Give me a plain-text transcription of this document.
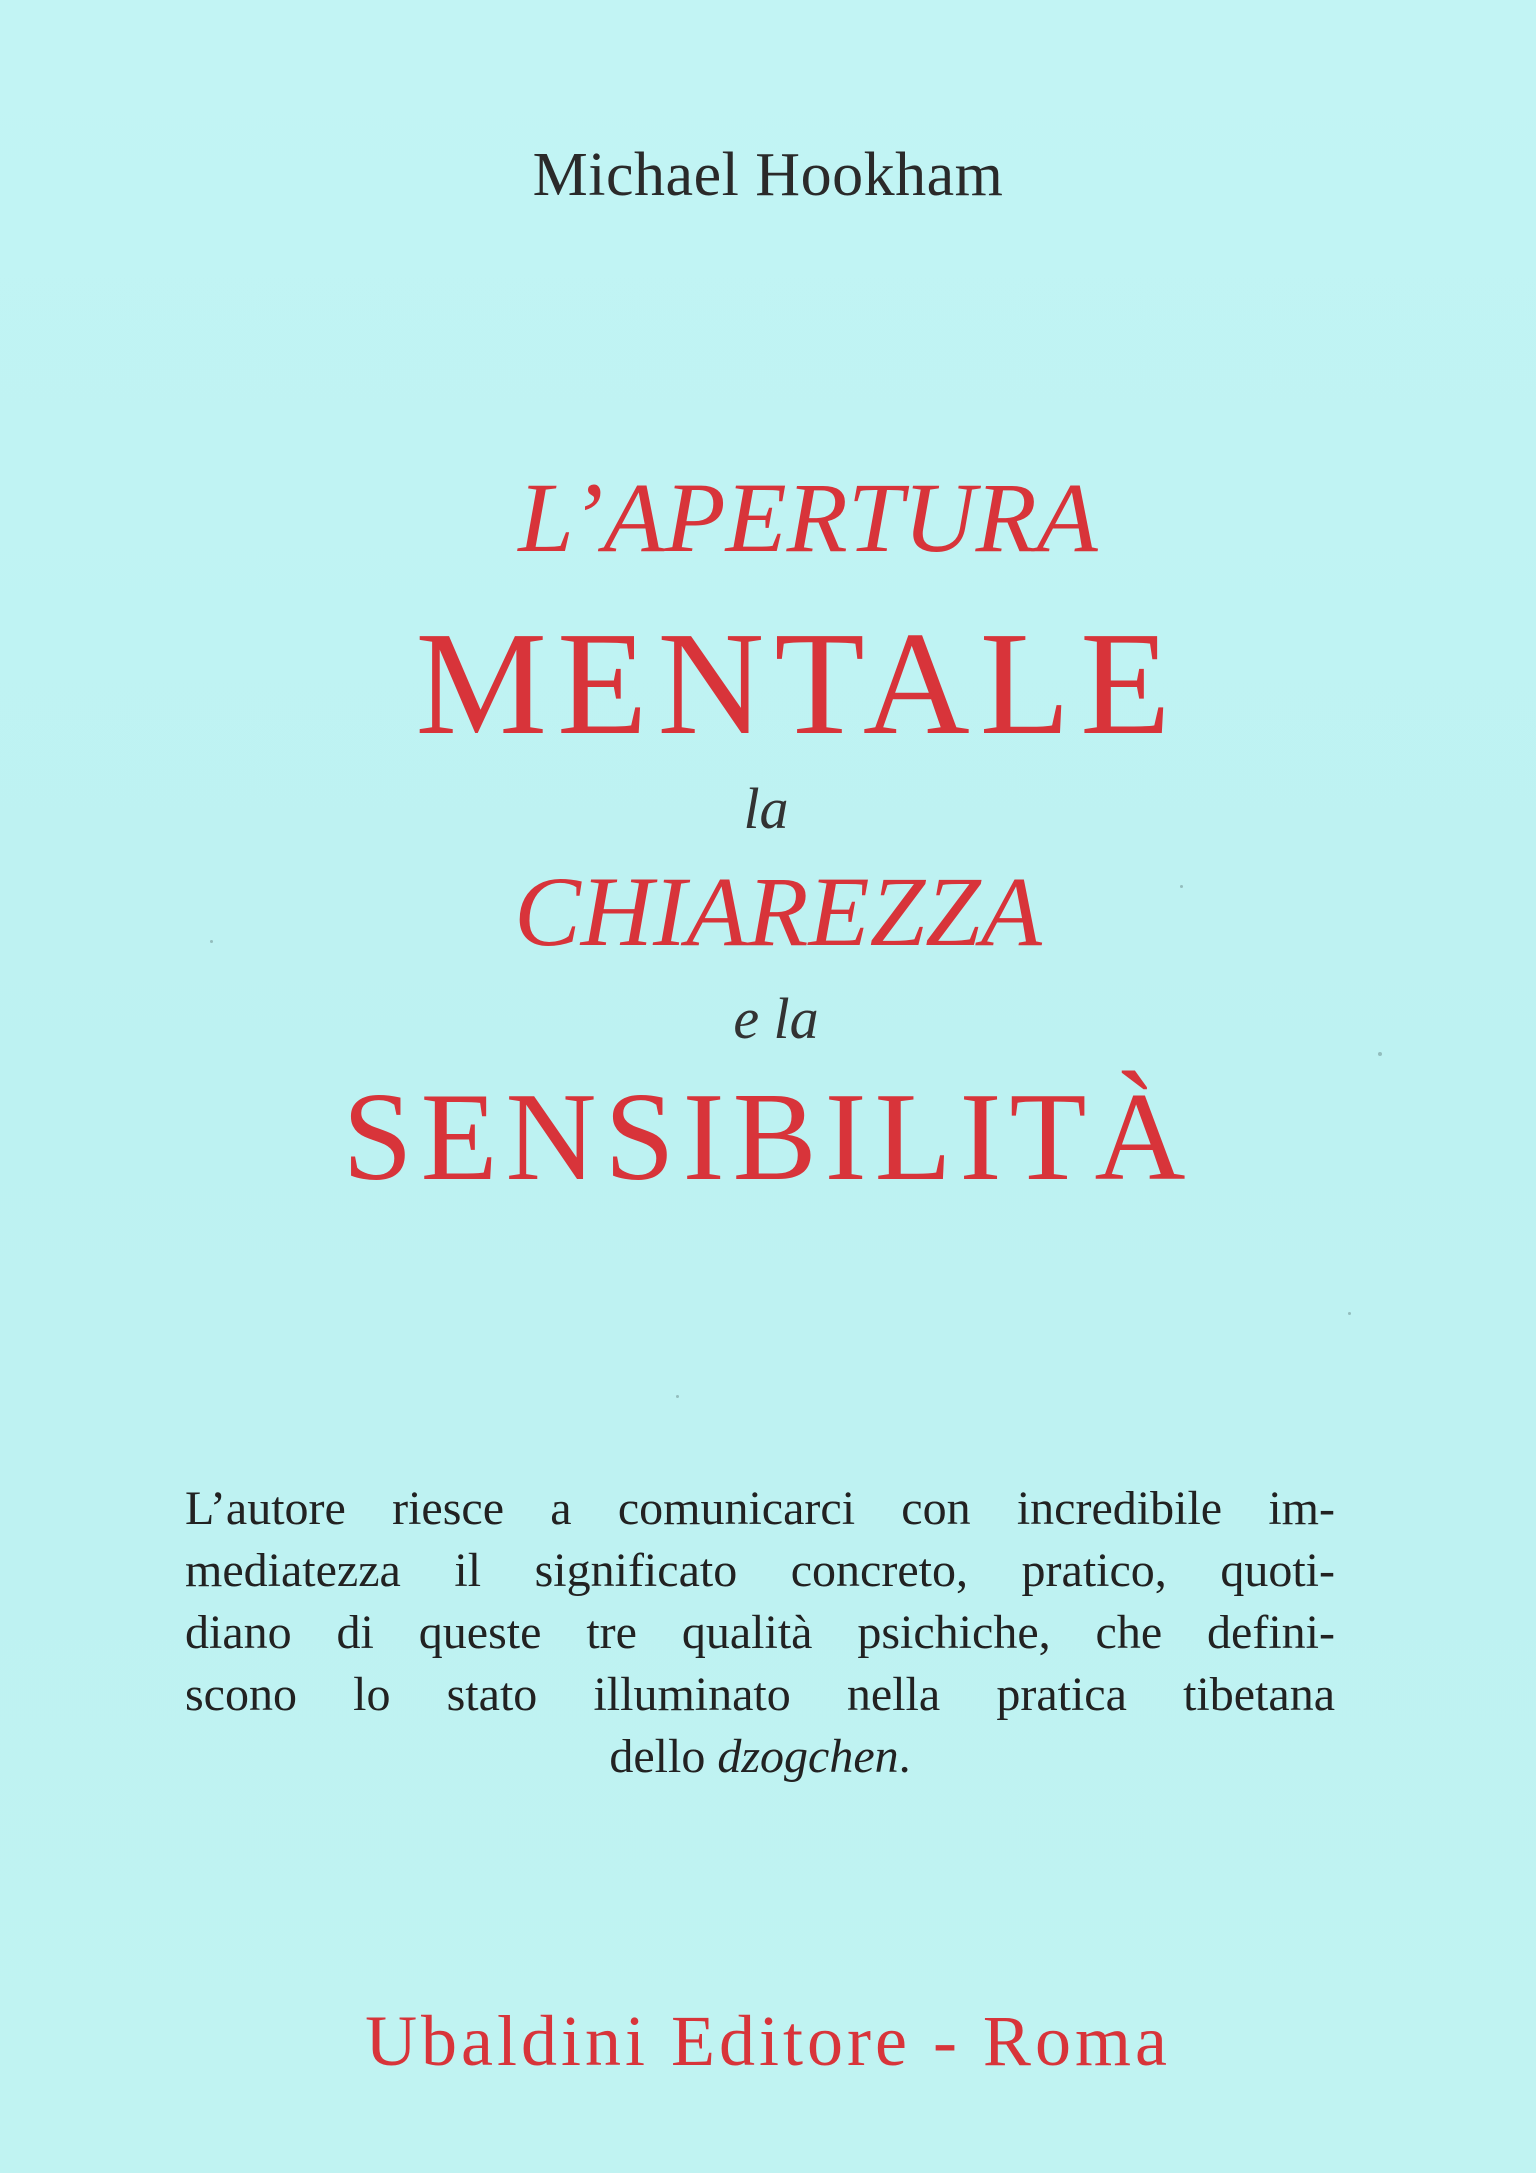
Michael Hookham
L’APERTURA
MENTALE
la
CHIAREZZA
e la
SENSIBILITÀ
L’autore riesce a comunicarci con incredibile im-
mediatezza il significato concreto, pratico, quoti-
diano di queste tre qualità psichiche, che defini-
scono lo stato illuminato nella pratica tibetana
dello dzogchen.
Ubaldini Editore - Roma
